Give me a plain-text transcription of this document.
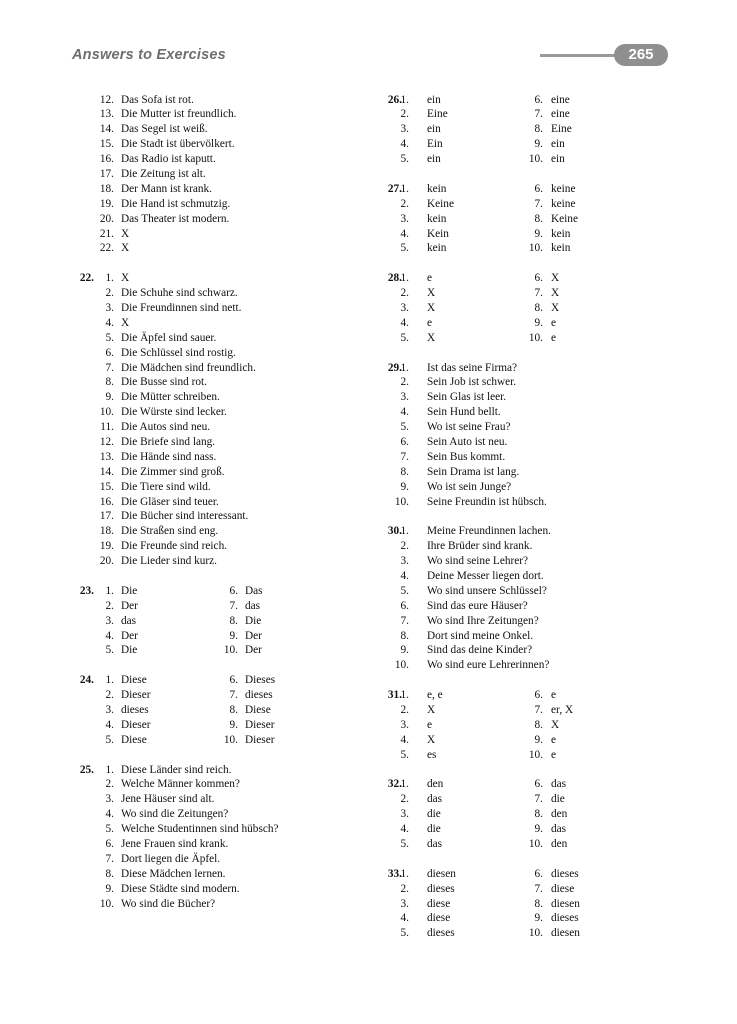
Answers to Exercises	265
12. Das Sofa ist rot.
13. Die Mutter ist freundlich.
14. Das Segel ist weiß.
15. Die Stadt ist übervölkert.
16. Das Radio ist kaputt.
17. Die Zeitung ist alt.
18. Der Mann ist krank.
19. Die Hand ist schmutzig.
20. Das Theater ist modern.
21. X
22. X
22.	1. X
2. Die Schuhe sind schwarz.
3. Die Freundinnen sind nett.
4. X
5. Die Äpfel sind sauer.
6. Die Schlüssel sind rostig.
7. Die Mädchen sind freundlich.
8. Die Busse sind rot.
9. Die Mütter schreiben.
10. Die Würste sind lecker.
11. Die Autos sind neu.
12. Die Briefe sind lang.
13. Die Hände sind nass.
14. Die Zimmer sind groß.
15. Die Tiere sind wild.
16. Die Gläser sind teuer.
17. Die Bücher sind interessant.
18. Die Straßen sind eng.
19. Die Freunde sind reich.
20. Die Lieder sind kurz.
23.	1. Die	6. Das
2. Der	7. das
3. das	8. Die
4. Der	9. Der
5. Die	10. Der
24.	1. Diese	6. Dieses
2. Dieser	7. dieses
3. dieses	8. Diese
4. Dieser	9. Dieser
5. Diese	10. Dieser
25.	1. Diese Länder sind reich.
2. Welche Männer kommen?
3. Jene Häuser sind alt.
4. Wo sind die Zeitungen?
5. Welche Studentinnen sind hübsch?
6. Jene Frauen sind krank.
7. Dort liegen die Äpfel.
8. Diese Mädchen lernen.
9. Diese Städte sind modern.
10. Wo sind die Bücher?
26.
1. ein	6. eine
2. Eine	7. eine
3. ein	8. Eine
4. Ein	9. ein
5. ein	10. ein
27.
1. kein	6. keine
2. Keine	7. keine
3. kein	8. Keine
4. Kein	9. kein
5. kein	10. kein
28.
1. e	6. X
2. X	7. X
3. X	8. X
4. e	9. e
5. X	10. e
29.
1. Ist das seine Firma?
2. Sein Job ist schwer.
3. Sein Glas ist leer.
4. Sein Hund bellt.
5. Wo ist seine Frau?
6. Sein Auto ist neu.
7. Sein Bus kommt.
8. Sein Drama ist lang.
9. Wo ist sein Junge?
10. Seine Freundin ist hübsch.
30.
1. Meine Freundinnen lachen.
2. Ihre Brüder sind krank.
3. Wo sind seine Lehrer?
4. Deine Messer liegen dort.
5. Wo sind unsere Schlüssel?
6. Sind das eure Häuser?
7. Wo sind Ihre Zeitungen?
8. Dort sind meine Onkel.
9. Sind das deine Kinder?
10. Wo sind eure Lehrerinnen?
31.
1. e, e	6. e
2. X	7. er, X
3. e	8. X
4. X	9. e
5. es	10. e
32.
1. den	6. das
2. das	7. die
3. die	8. den
4. die	9. das
5. das	10. den
33.
1. diesen	6. dieses
2. dieses	7. diese
3. diese	8. diesen
4. diese	9. dieses
5. dieses	10. diesen
